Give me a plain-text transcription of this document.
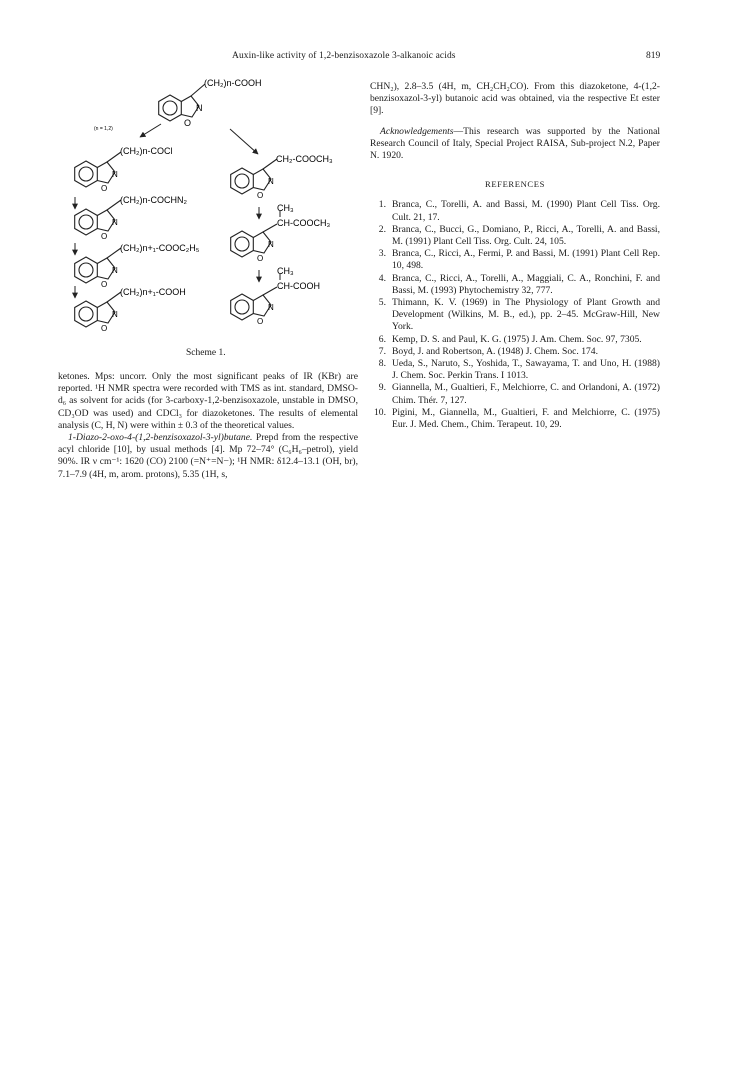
Auxin-like activity of 1,2-benzisoxazole 3-alkanoic acids	819
(CH₂)n-COOH
N
O
(n = 1,2)
(CH₂)n-COCl
N
O
(CH₂)n-COCHN₂
N
O
(CH₂)n+₁-COOC₂H₅
N
O
(CH₂)n+₁-COOH
N
O
CH₂-COOCH₃
N
O
CH₃
CH-COOCH₃
N
O
CH₃
CH-COOH
N
O
Scheme 1.

ketones. Mps: uncorr. Only the most significant peaks of IR (KBr) are reported. ¹H NMR spectra were recorded with TMS as int. standard, DMSO-d₆ as solvent for acids (for 3-carboxy-1,2-benzisoxazole, unstable in DMSO, CD₃OD was used) and CDCl₃ for diazoketones. The results of elemental analysis (C, H, N) were within ± 0.3 of the theoretical values.

1-Diazo-2-oxo-4-(1,2-benzisoxazol-3-yl)butane. Prepd from the respective acyl chloride [10], by usual methods [4]. Mp 72–74° (C₆H₆–petrol), yield 90%. IR ν cm⁻¹: 1620 (CO) 2100 (=N⁺=N−); ¹H NMR: δ12.4–13.1 (OH, br), 7.1–7.9 (4H, m, arom. protons), 5.35 (1H, s,

CHN₂), 2.8–3.5 (4H, m, CH₂CH₂CO). From this diazoketone, 4-(1,2-benzisoxazol-3-yl) butanoic acid was obtained, via the respective Et ester [9].

Acknowledgements—This research was supported by the National Research Council of Italy, Special Project RAISA, Sub-project N.2, Paper N. 1920.

REFERENCES

1. Branca, C., Torelli, A. and Bassi, M. (1990) Plant Cell Tiss. Org. Cult. 21, 17.
2. Branca, C., Bucci, G., Domiano, P., Ricci, A., Torelli, A. and Bassi, M. (1991) Plant Cell Tiss. Org. Cult. 24, 105.
3. Branca, C., Ricci, A., Fermi, P. and Bassi, M. (1991) Plant Cell Rep. 10, 498.
4. Branca, C., Ricci, A., Torelli, A., Maggiali, C. A., Ronchini, F. and Bassi, M. (1993) Phytochemistry 32, 777.
5. Thimann, K. V. (1969) in The Physiology of Plant Growth and Development (Wilkins, M. B., ed.), pp. 2–45. McGraw-Hill, New York.
6. Kemp, D. S. and Paul, K. G. (1975) J. Am. Chem. Soc. 97, 7305.
7. Boyd, J. and Robertson, A. (1948) J. Chem. Soc. 174.
8. Ueda, S., Naruto, S., Yoshida, T., Sawayama, T. and Uno, H. (1988) J. Chem. Soc. Perkin Trans. I 1013.
9. Giannella, M., Gualtieri, F., Melchiorre, C. and Orlandoni, A. (1972) Chim. Thér. 7, 127.
10. Pigini, M., Giannella, M., Gualtieri, F. and Melchiorre, C. (1975) Eur. J. Med. Chem., Chim. Terapeut. 10, 29.
